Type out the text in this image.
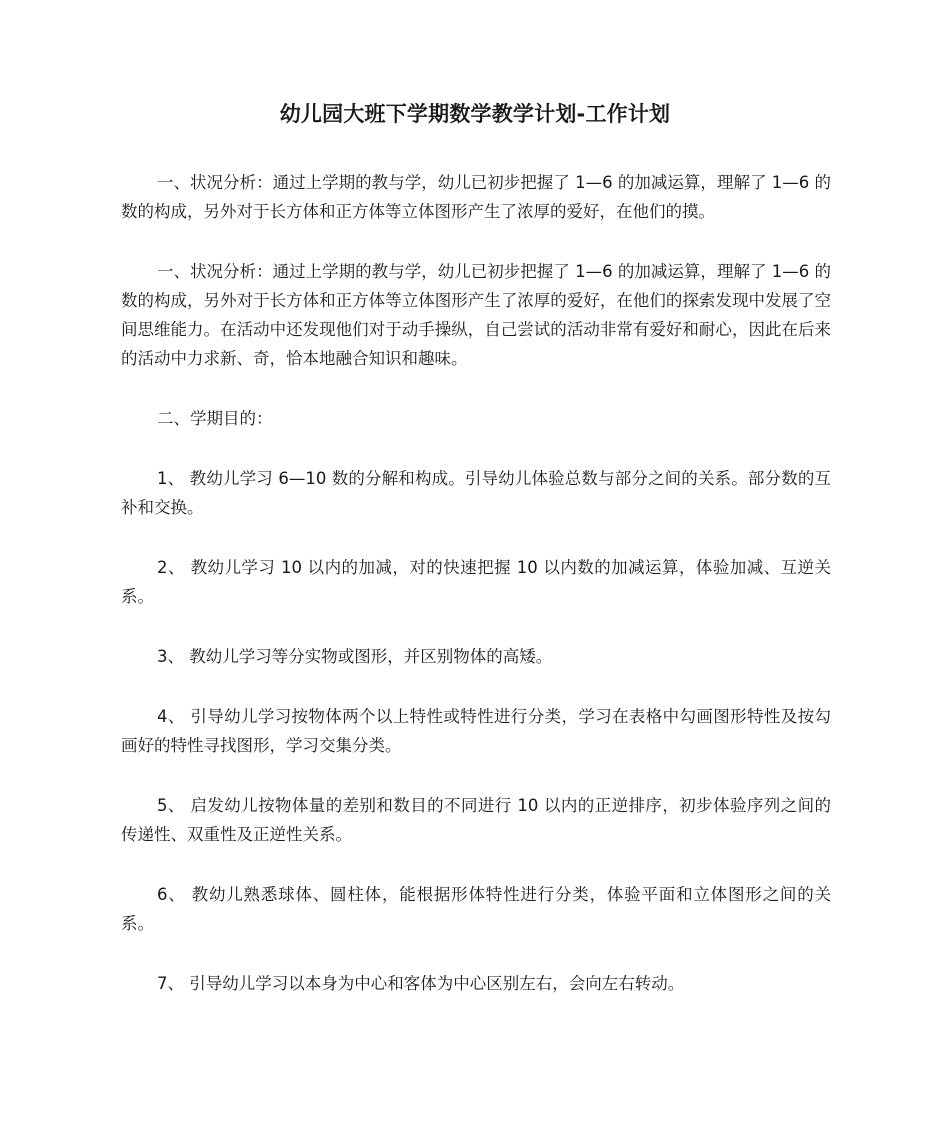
幼儿园大班下学期数学教学计划-工作计划

一、状况分析：通过上学期的教与学，幼儿已初步把握了 1—6 的加减运算，理解了 1—6 的数的构成，另外对于长方体和正方体等立体图形产生了浓厚的爱好，在他们的摸。

一、状况分析：通过上学期的教与学，幼儿已初步把握了 1—6 的加减运算，理解了 1—6 的数的构成，另外对于长方体和正方体等立体图形产生了浓厚的爱好，在他们的探索发现中发展了空间思维能力。在活动中还发现他们对于动手操纵，自己尝试的活动非常有爱好和耐心，因此在后来的活动中力求新、奇，恰本地融合知识和趣味。

二、学期目的：

1、 教幼儿学习 6—10 数的分解和构成。引导幼儿体验总数与部分之间的关系。部分数的互补和交换。

2、 教幼儿学习 10 以内的加减，对的快速把握 10 以内数的加减运算，体验加减、互逆关系。

3、 教幼儿学习等分实物或图形，并区别物体的高矮。

4、 引导幼儿学习按物体两个以上特性或特性进行分类，学习在表格中勾画图形特性及按勾画好的特性寻找图形，学习交集分类。

5、 启发幼儿按物体量的差别和数目的不同进行 10 以内的正逆排序，初步体验序列之间的传递性、双重性及正逆性关系。

6、 教幼儿熟悉球体、圆柱体，能根据形体特性进行分类，体验平面和立体图形之间的关系。

7、 引导幼儿学习以本身为中心和客体为中心区别左右，会向左右转动。
